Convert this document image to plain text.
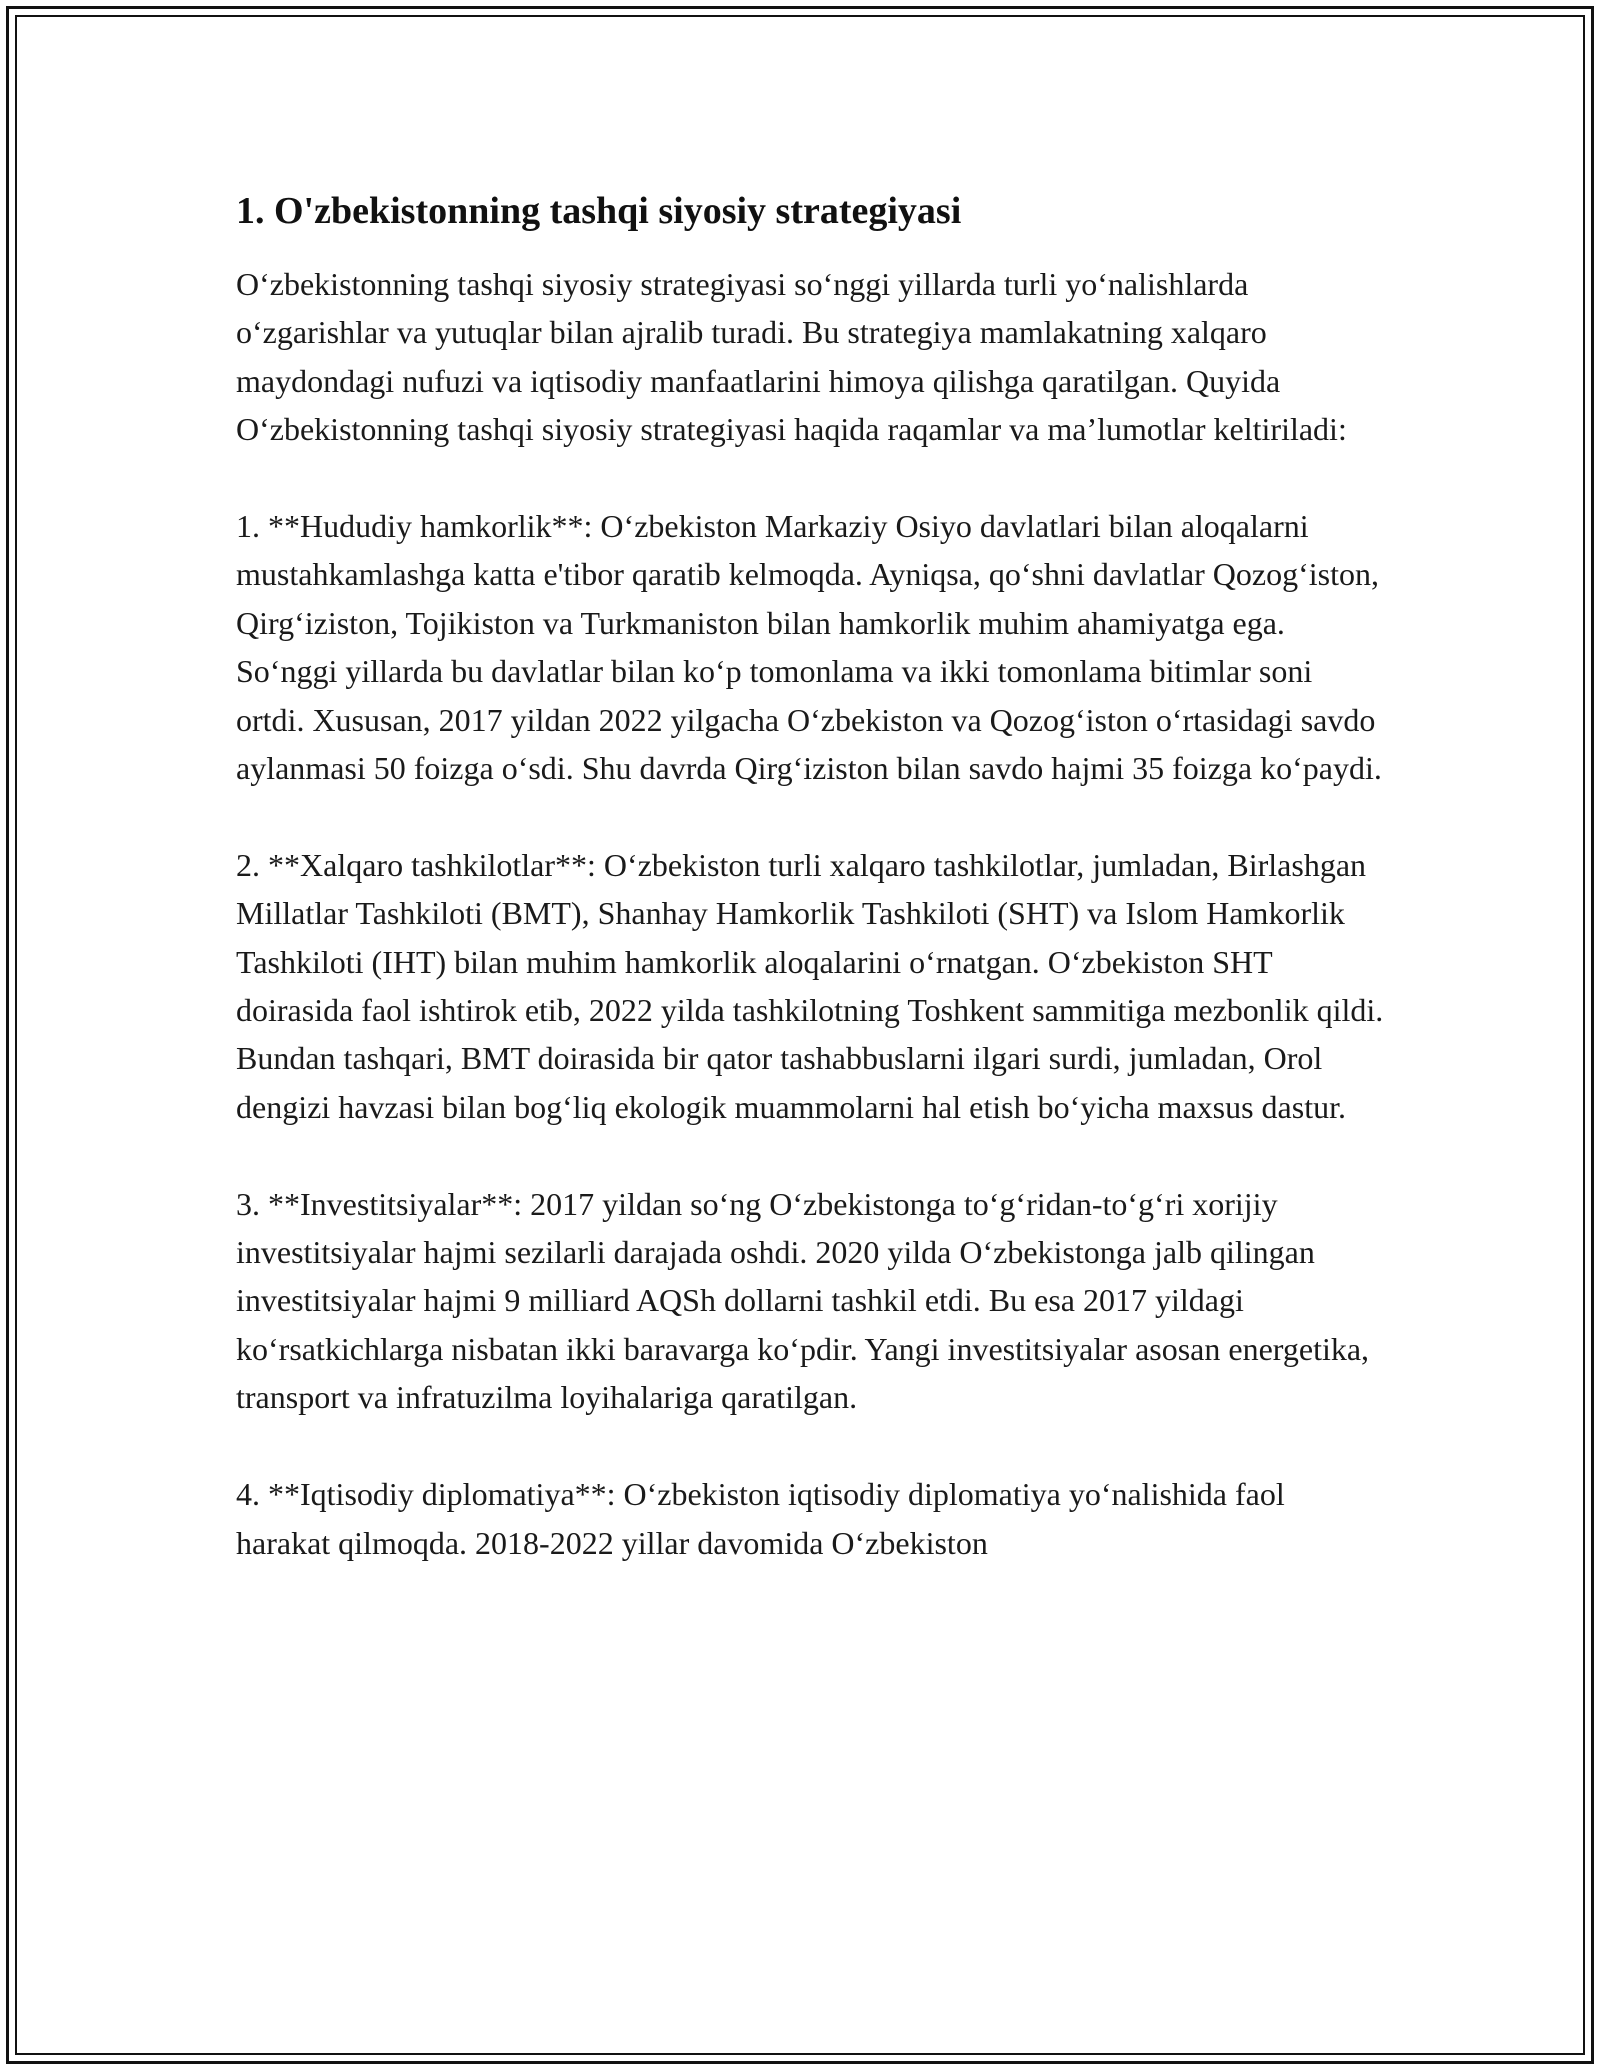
1. O'zbekistonning tashqi siyosiy strategiyasi

O‘zbekistonning tashqi siyosiy strategiyasi so‘nggi yillarda turli yo‘nalishlarda o‘zgarishlar va yutuqlar bilan ajralib turadi. Bu strategiya mamlakatning xalqaro maydondagi nufuzi va iqtisodiy manfaatlarini himoya qilishga qaratilgan. Quyida O‘zbekistonning tashqi siyosiy strategiyasi haqida raqamlar va ma’lumotlar keltiriladi:

1. **Hududiy hamkorlik**: O‘zbekiston Markaziy Osiyo davlatlari bilan aloqalarni mustahkamlashga katta e'tibor qaratib kelmoqda. Ayniqsa, qo‘shni davlatlar Qozog‘iston, Qirg‘iziston, Tojikiston va Turkmaniston bilan hamkorlik muhim ahamiyatga ega. So‘nggi yillarda bu davlatlar bilan ko‘p tomonlama va ikki tomonlama bitimlar soni ortdi. Xususan, 2017 yildan 2022 yilgacha O‘zbekiston va Qozog‘iston o‘rtasidagi savdo aylanmasi 50 foizga o‘sdi. Shu davrda Qirg‘iziston bilan savdo hajmi 35 foizga ko‘paydi.

2. **Xalqaro tashkilotlar**: O‘zbekiston turli xalqaro tashkilotlar, jumladan, Birlashgan Millatlar Tashkiloti (BMT), Shanhay Hamkorlik Tashkiloti (SHT) va Islom Hamkorlik Tashkiloti (IHT) bilan muhim hamkorlik aloqalarini o‘rnatgan. O‘zbekiston SHT doirasida faol ishtirok etib, 2022 yilda tashkilotning Toshkent sammitiga mezbonlik qildi. Bundan tashqari, BMT doirasida bir qator tashabbuslarni ilgari surdi, jumladan, Orol dengizi havzasi bilan bog‘liq ekologik muammolarni hal etish bo‘yicha maxsus dastur.

3. **Investitsiyalar**: 2017 yildan so‘ng O‘zbekistonga to‘g‘ridan-to‘g‘ri xorijiy investitsiyalar hajmi sezilarli darajada oshdi. 2020 yilda O‘zbekistonga jalb qilingan investitsiyalar hajmi 9 milliard AQSh dollarni tashkil etdi. Bu esa 2017 yildagi ko‘rsatkichlarga nisbatan ikki baravarga ko‘pdir. Yangi investitsiyalar asosan energetika, transport va infratuzilma loyihalariga qaratilgan.

4. **Iqtisodiy diplomatiya**: O‘zbekiston iqtisodiy diplomatiya yo‘nalishida faol harakat qilmoqda. 2018-2022 yillar davomida O‘zbekiston
